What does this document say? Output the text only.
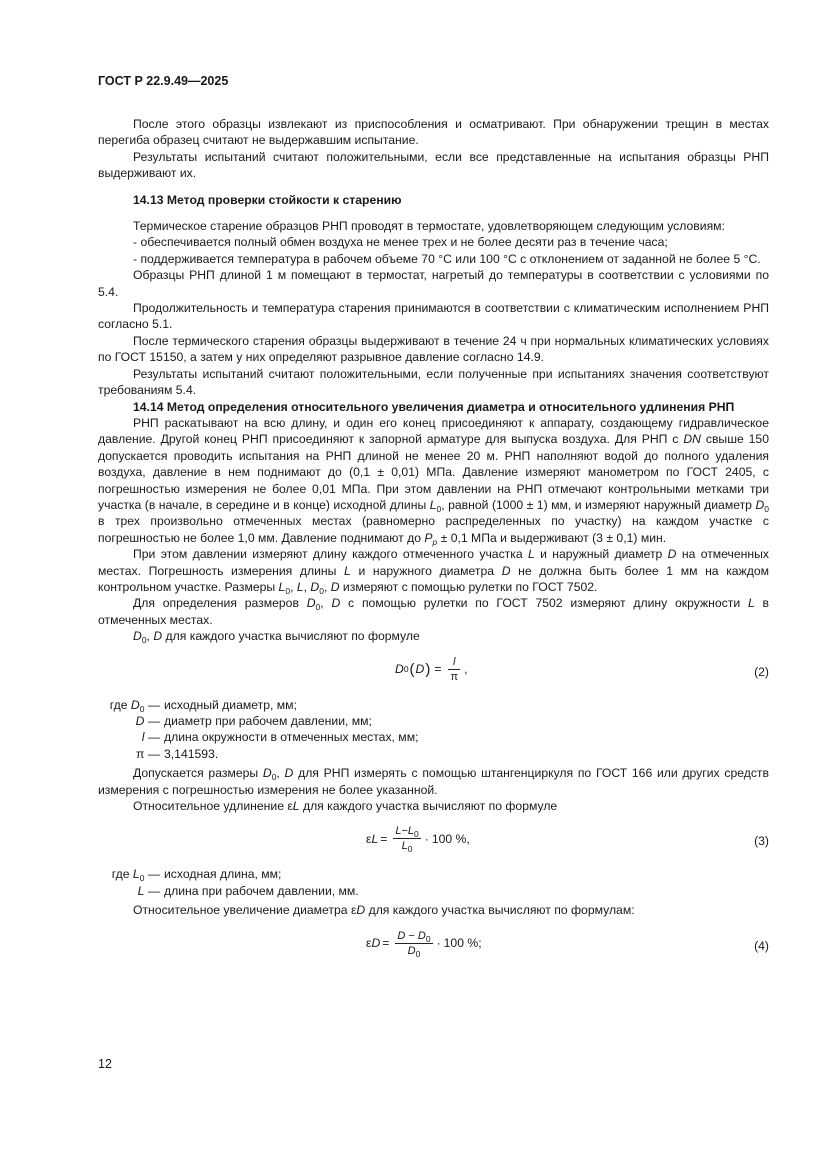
ГОСТ Р 22.9.49—2025

После этого образцы извлекают из приспособления и осматривают. При обнаружении трещин в местах перегиба образец считают не выдержавшим испытание.

Результаты испытаний считают положительными, если все представленные на испытания образцы РНП выдерживают их.

14.13 Метод проверки стойкости к старению

Термическое старение образцов РНП проводят в термостате, удовлетворяющем следующим условиям:

- обеспечивается полный обмен воздуха не менее трех и не более десяти раз в течение часа;

- поддерживается температура в рабочем объеме 70 °С или 100 °С с отклонением от заданной не более 5 °С.

Образцы РНП длиной 1 м помещают в термостат, нагретый до температуры в соответствии с условиями по 5.4.

Продолжительность и температура старения принимаются в соответствии с климатическим исполнением РНП согласно 5.1.

После термического старения образцы выдерживают в течение 24 ч при нормальных климатических условиях по ГОСТ 15150, а затем у них определяют разрывное давление согласно 14.9.

Результаты испытаний считают положительными, если полученные при испытаниях значения соответствуют требованиям 5.4.

14.14 Метод определения относительного увеличения диаметра и относительного удлинения РНП

РНП раскатывают на всю длину, и один его конец присоединяют к аппарату, создающему гидравлическое давление. Другой конец РНП присоединяют к запорной арматуре для выпуска воздуха. Для РНП с DN свыше 150 допускается проводить испытания на РНП длиной не менее 20 м. РНП наполняют водой до полного удаления воздуха, давление в нем поднимают до (0,1 ± 0,01) МПа. Давление измеряют манометром по ГОСТ 2405, с погрешностью измерения не более 0,01 МПа. При этом давлении на РНП отмечают контрольными метками три участка (в начале, в середине и в конце) исходной длины $L_0$, равной (1000 ± 1) мм, и измеряют наружный диаметр $D_0$ в трех произвольно отмеченных местах (равномерно распределенных по участку) на каждом участке с погрешностью не более 1,0 мм. Давление поднимают до $P_p \pm 0,1$ МПа и выдерживают (3 ± 0,1) мин.

При этом давлении измеряют длину каждого отмеченного участка L и наружный диаметр D на отмеченных местах. Погрешность измерения длины L и наружного диаметра D не должна быть более 1 мм на каждом контрольном участке. Размеры $L_0$, L, $D_0$, D измеряют с помощью рулетки по ГОСТ 7502.

Для определения размеров $D_0$, D с помощью рулетки по ГОСТ 7502 измеряют длину окружности L в отмеченных местах.

$D_0$, D для каждого участка вычисляют по формуле

D 0 ( D ) = $\frac{l}{\pi}$ ,	(2)
где $D_0$ — исходный диаметр, мм;
D — диаметр при рабочем давлении, мм;
l — длина окружности в отмеченных местах, мм;
π — 3,141593.

Допускается размеры $D_0$, D для РНП измерять с помощью штангенциркуля по ГОСТ 166 или других средств измерения с погрешностью измерения не более указанной.

Относительное удлинение εL для каждого участка вычисляют по формуле

ε $L = \frac{L-L_0}{L_0} \cdot 100$ %,	(3)
где $L_0$ — исходная длина, мм;
L — длина при рабочем давлении, мм.

Относительное увеличение диаметра εD для каждого участка вычисляют по формулам:

ε $D = \frac{D - D_0}{D_0} \cdot 100$ %;	(4)
12
